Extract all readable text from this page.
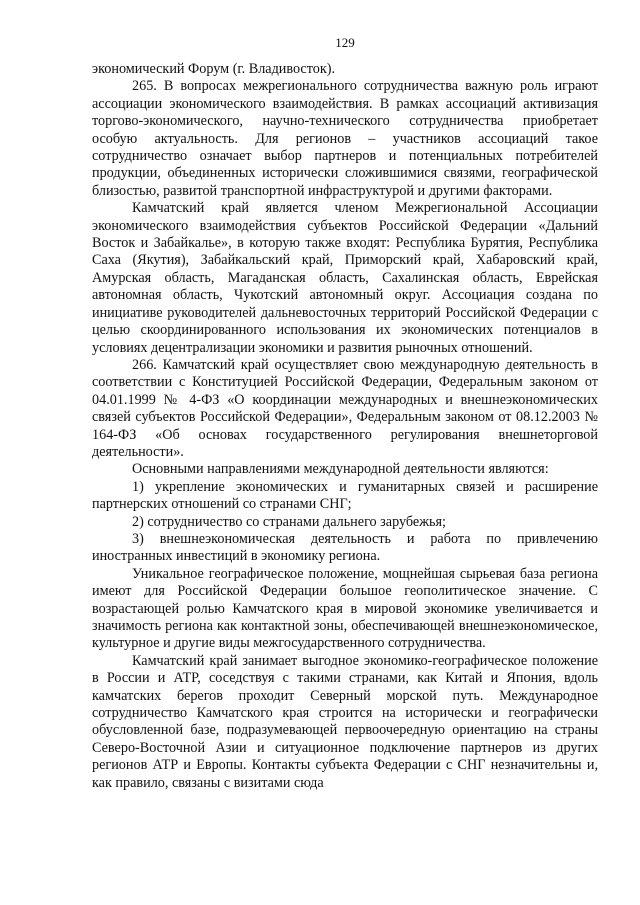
129

экономический Форум (г. Владивосток).

265. В вопросах межрегионального сотрудничества важную роль играют ассоциации экономического взаимодействия. В рамках ассоциаций активизация торгово-экономического, научно-технического сотрудничества приобретает особую актуальность. Для регионов – участников ассоциаций такое сотрудничество означает выбор партнеров и потенциальных потребителей продукции, объединенных исторически сложившимися связями, географической близостью, развитой транспортной инфраструктурой и другими факторами.

Камчатский край является членом Межрегиональной Ассоциации экономического взаимодействия субъектов Российской Федерации «Дальний Восток и Забайкалье», в которую также входят: Республика Бурятия, Республика Саха (Якутия), Забайкальский край, Приморский край, Хабаровский край, Амурская область, Магаданская область, Сахалинская область, Еврейская автономная область, Чукотский автономный округ. Ассоциация создана по инициативе руководителей дальневосточных территорий Российской Федерации с целью скоординированного использования их экономических потенциалов в условиях децентрализации экономики и развития рыночных отношений.

266. Камчатский край осуществляет свою международную деятельность в соответствии с Конституцией Российской Федерации, Федеральным законом от 04.01.1999 № 4-ФЗ «О координации международных и внешнеэкономических связей субъектов Российской Федерации», Федеральным законом от 08.12.2003 № 164-ФЗ «Об основах государственного регулирования внешнеторговой деятельности».

Основными направлениями международной деятельности являются:

1) укрепление экономических и гуманитарных связей и расширение партнерских отношений со странами СНГ;

2) сотрудничество со странами дальнего зарубежья;

3) внешнеэкономическая деятельность и работа по привлечению иностранных инвестиций в экономику региона.

Уникальное географическое положение, мощнейшая сырьевая база региона имеют для Российской Федерации большое геополитическое значение. С возрастающей ролью Камчатского края в мировой экономике увеличивается и значимость региона как контактной зоны, обеспечивающей внешнеэкономическое, культурное и другие виды межгосударственного сотрудничества.

Камчатский край занимает выгодное экономико-географическое положение в России и АТР, соседствуя с такими странами, как Китай и Япония, вдоль камчатских берегов проходит Северный морской путь. Международное сотрудничество Камчатского края строится на исторически и географически обусловленной базе, подразумевающей первоочередную ориентацию на страны Северо-Восточной Азии и ситуационное подключение партнеров из других регионов АТР и Европы. Контакты субъекта Федерации с СНГ незначительны и, как правило, связаны с визитами сюда
